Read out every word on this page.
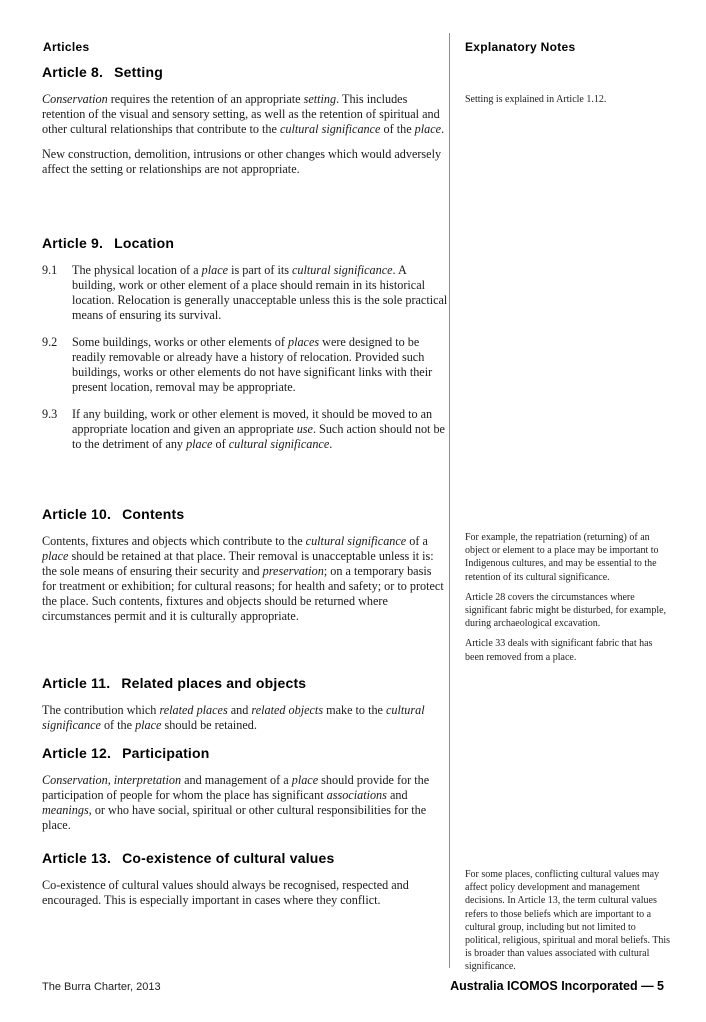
Articles	Explanatory Notes
Article 8. Setting

Conservation requires the retention of an appropriate setting. This includes retention of the visual and sensory setting, as well as the retention of spiritual and other cultural relationships that contribute to the cultural significance of the place.

New construction, demolition, intrusions or other changes which would adversely affect the setting or relationships are not appropriate.

Article 9. Location
9.1	The physical location of a place is part of its cultural significance. A building, work or other element of a place should remain in its historical location. Relocation is generally unacceptable unless this is the sole practical means of ensuring its survival.
9.2	Some buildings, works or other elements of places were designed to be readily removable or already have a history of relocation. Provided such buildings, works or other elements do not have significant links with their present location, removal may be appropriate.
9.3	If any building, work or other element is moved, it should be moved to an appropriate location and given an appropriate use. Such action should not be to the detriment of any place of cultural significance.
Article 10. Contents

Contents, fixtures and objects which contribute to the cultural significance of a place should be retained at that place. Their removal is unacceptable unless it is: the sole means of ensuring their security and preservation; on a temporary basis for treatment or exhibition; for cultural reasons; for health and safety; or to protect the place. Such contents, fixtures and objects should be returned where circumstances permit and it is culturally appropriate.

Article 11. Related places and objects

The contribution which related places and related objects make to the cultural significance of the place should be retained.

Article 12. Participation

Conservation, interpretation and management of a place should provide for the participation of people for whom the place has significant associations and meanings, or who have social, spiritual or other cultural responsibilities for the place.

Article 13. Co-existence of cultural values

Co-existence of cultural values should always be recognised, respected and encouraged. This is especially important in cases where they conflict.

Setting is explained in Article 1.12.

For example, the repatriation (returning) of an object or element to a place may be important to Indigenous cultures, and may be essential to the retention of its cultural significance.

Article 28 covers the circumstances where significant fabric might be disturbed, for example, during archaeological excavation.

Article 33 deals with significant fabric that has been removed from a place.

For some places, conflicting cultural values may affect policy development and management decisions. In Article 13, the term cultural values refers to those beliefs which are important to a cultural group, including but not limited to political, religious, spiritual and moral beliefs. This is broader than values associated with cultural significance.

The Burra Charter, 2013	Australia ICOMOS Incorporated — 5
